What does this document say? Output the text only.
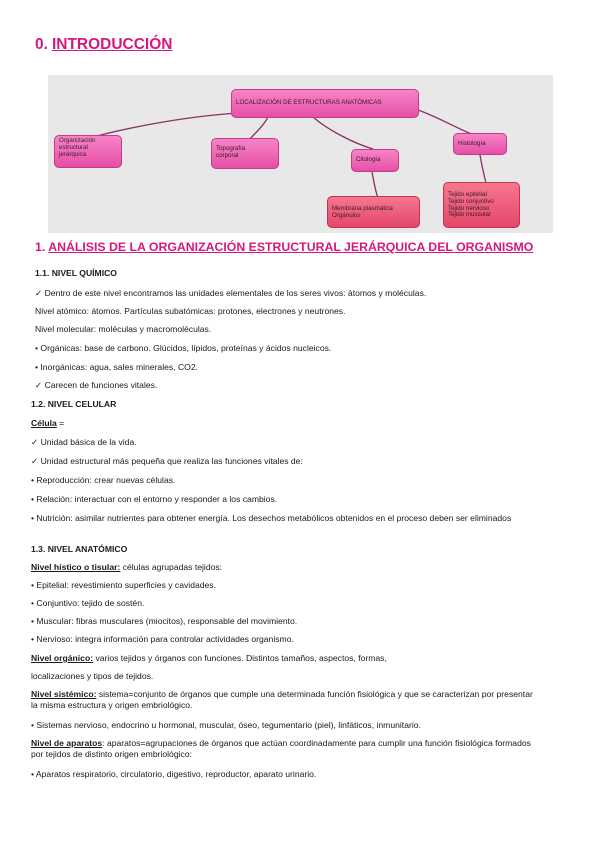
0. INTRODUCCIÓN
LOCALIZACIÓN DE ESTRUCTURAS ANATÓMICAS
Organización
estructural
jerárquica
Topografía
corporal
Citología
Histología
Membrana plasmática
Orgánulos
Tejido epitelial
Tejido conjuntivo
Tejido nervioso
Tejido muscular
1. ANÁLISIS DE LA ORGANIZACIÓN ESTRUCTURAL JERÁRQUICA DEL ORGANISMO
1.1. NIVEL QUÍMICO
✓ Dentro de este nivel encontramos las unidades elementales de los seres vivos: átomos y moléculas.
Nivel atómico: átomos. Partículas subatómicas: protones, electrones y neutrones.
Nivel molecular: moléculas y macromoléculas.
• Orgánicas: base de carbono. Glúcidos, lípidos, proteínas y ácidos nucleicos.
• Inorgánicas: agua, sales minerales, CO2.
✓ Carecen de funciones vitales.
1.2. NIVEL CELULAR
Célula =
✓ Unidad básica de la vida.
✓ Unidad estructural más pequeña que realiza las funciones vitales de:
• Reproducción: crear nuevas células.
• Relación: interactuar con el entorno y responder a los cambios.
• Nutrición: asimilar nutrientes para obtener energía. Los desechos metabólicos obtenidos en el proceso deben ser eliminados
1.3. NIVEL ANATÓMICO
Nivel hístico o tisular: células agrupadas tejidos:
• Epitelial: revestimiento superficies y cavidades.
• Conjuntivo: tejido de sostén.
• Muscular: fibras musculares (miocitos), responsable del movimiento.
• Nervioso: integra información para controlar actividades organismo.
Nivel orgánico: varios tejidos y órganos con funciones. Distintos tamaños, aspectos, formas,
localizaciones y tipos de tejidos.
Nivel sistémico: sistema=conjunto de órganos que cumple una determinada función fisiológica y que se caracterizan por presentar la misma estructura y origen embriológico.
• Sistemas nervioso, endocrino u hormonal, muscular, óseo, tegumentario (piel), linfáticos, inmunitario.
Nivel de aparatos: aparatos=agrupaciones de órganos que actúan coordinadamente para cumplir una función fisiológica formados por tejidos de distinto origen embriológico:
• Aparatos respiratorio, circulatorio, digestivo, reproductor, aparato urinario.
